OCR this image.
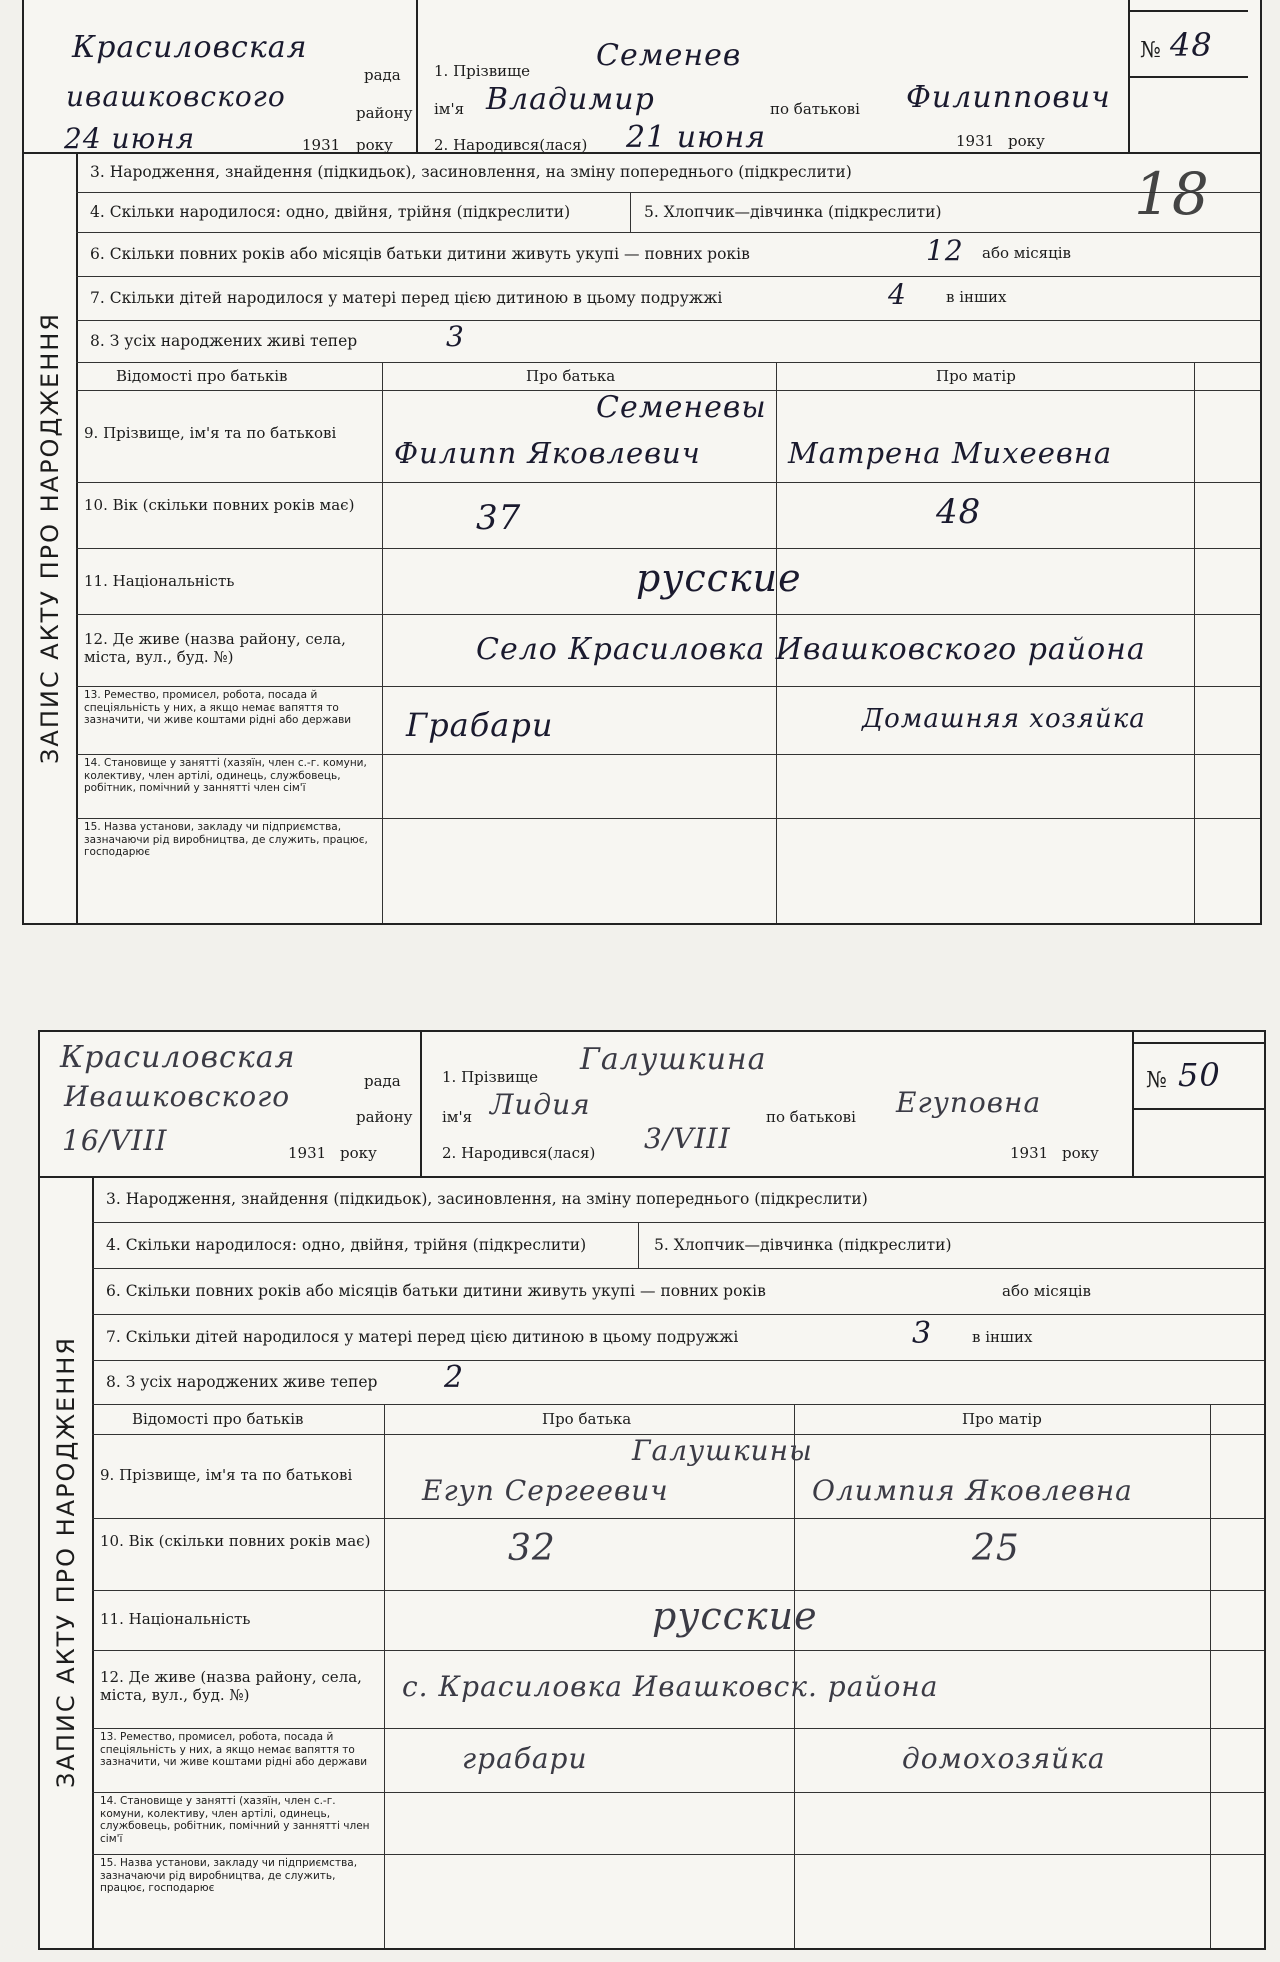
Красиловская
рада
ивашковского	району
24 июня	1931 року
1. Прізвище Семенев
ім'я Владимир	по батькові Филиппович
2. Народився(лася) 21 июня	1931 року
№ 48
18
ЗАПИС АКТУ ПРО НАРОДЖЕННЯ
3. Народження, знайдення (підкидьок), засиновлення, на зміну попереднього (підкреслити)
4. Скільки народилося: одно, двійня, трійня (підкреслити)	5. Хлопчик—дівчинка (підкреслити)
6. Скільки повних років або місяців батьки дитини живуть укупі — повних років	12 або місяців
7. Скільки дітей народилося у матері перед цією дитиною в цьому подружжі	4	в інших
8. З усіх народжених живі тепер	3
Відомості про батьків	Про батька	Про матір
9. Прізвище, ім'я та по батькові
Семеневы
Филипп Яковлевич	Матрена Михеевна
10. Вік (скільки повних років має)	37	48
11. Національність	русские
12. Де живе (назва району, села, міста, вул., буд. №)	Село Красиловка Ивашковского района
13. Ремество, промисел, робота, посада й спеціяльність у них, а якщо немає вапяття то зазначити, чи живе коштами рідні або держави	Грабари	Домашняя хозяйка
14. Становище у занятті (хазяїн, член с.-г. комуни, колективу, член артілі, одинець, службовець, робітник, помічний у заннятті член сім'ї
15. Назва установи, закладу чи підприємства, зазначаючи рід виробництва, де служить, працює, господарює
Красиловская
рада
Ивашковского
району
16/VIII	1931 року
1. Прізвище Галушкина
ім'я Лидия	по батькові Егуповна
2. Народився(лася) 3/VIII	1931 року
№ 50
ЗАПИС АКТУ ПРО НАРОДЖЕННЯ
3. Народження, знайдення (підкидьок), засиновлення, на зміну попереднього (підкреслити)
4. Скільки народилося: одно, двійня, трійня (підкреслити)	5. Хлопчик—дівчинка (підкреслити)
6. Скільки повних років або місяців батьки дитини живуть укупі — повних років	або місяців
7. Скільки дітей народилося у матері перед цією дитиною в цьому подружжі	3	в інших
8. З усіх народжених живе тепер 2
Відомості про батьків	Про батька	Про матір
9. Прізвище, ім'я та по батькові
Галушкины
Егуп Сергеевич	Олимпия Яковлевна
10. Вік (скільки повних років має)	32	25
11. Національність	русские
12. Де живе (назва району, села, міста, вул., буд. №)	с. Красиловка Ивашковск. района
13. Ремество, промисел, робота, посада й спеціяльність у них, а якщо немає вапяття то зазначити, чи живе коштами рідні або держави	грабари	домохозяйка
14. Становище у занятті (хазяїн, член с.-г. комуни, колективу, член артілі, одинець, службовець, робітник, помічний у заннятті член сім'ї
15. Назва установи, закладу чи підприємства, зазначаючи рід виробництва, де служить, працює, господарює
